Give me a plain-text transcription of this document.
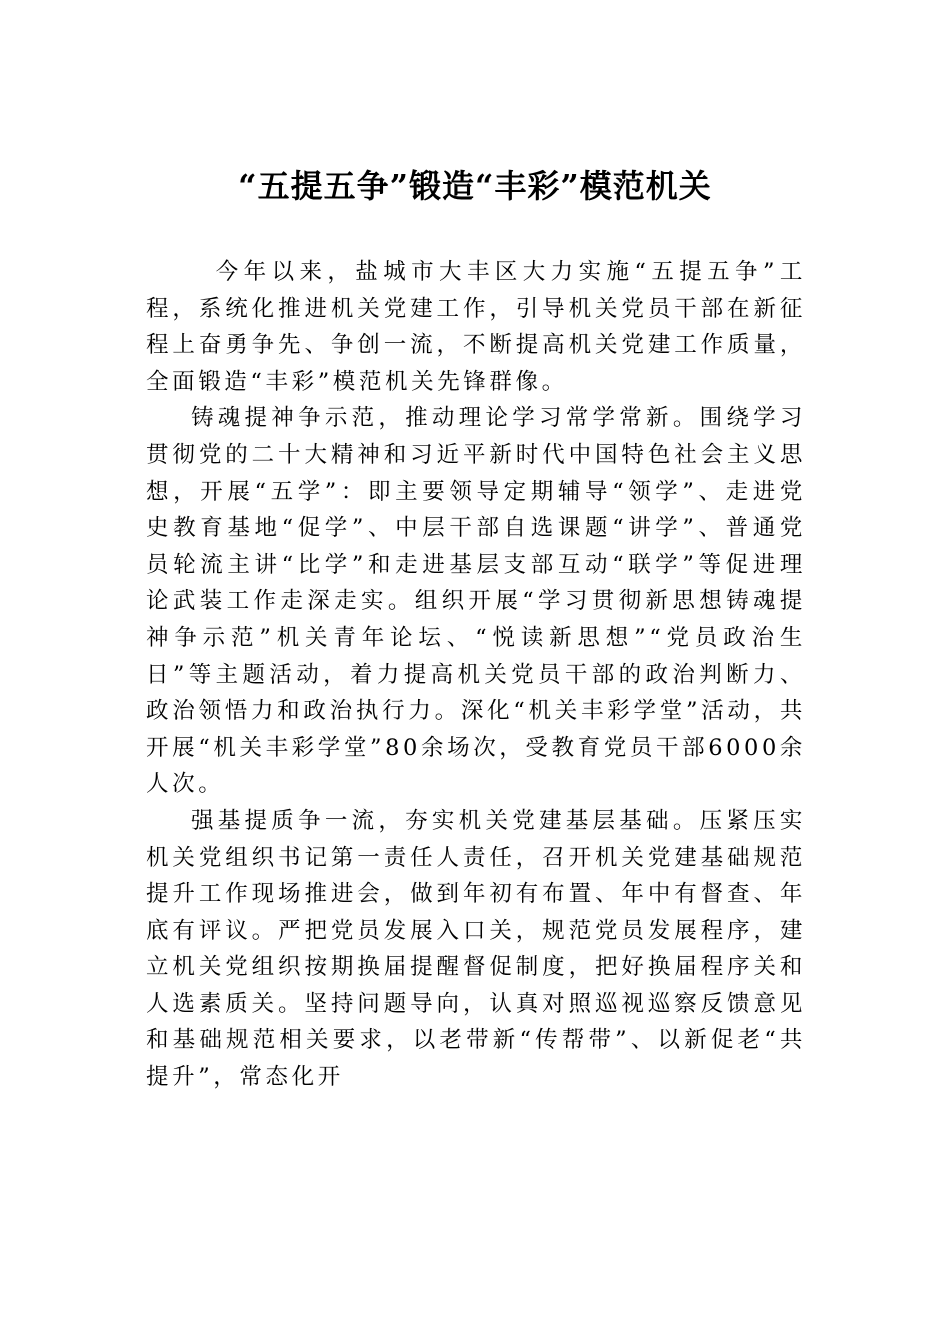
“五提五争”锻造“丰彩”模范机关

今年以来，盐城市大丰区大力实施“五提五争”工程，系统化推进机关党建工作，引导机关党员干部在新征程上奋勇争先、争创一流，不断提高机关党建工作质量，全面锻造“丰彩”模范机关先锋群像。

铸魂提神争示范，推动理论学习常学常新。围绕学习贯彻党的二十大精神和习近平新时代中国特色社会主义思想，开展“五学”：即主要领导定期辅导“领学”、走进党史教育基地“促学”、中层干部自选课题“讲学”、普通党员轮流主讲“比学”和走进基层支部互动“联学”等促进理论武装工作走深走实。组织开展“学习贯彻新思想铸魂提神争示范”机关青年论坛、“悦读新思想”“党员政治生日”等主题活动，着力提高机关党员干部的政治判断力、政治领悟力和政治执行力。深化“机关丰彩学堂”活动，共开展“机关丰彩学堂”80余场次，受教育党员干部6000余人次。

强基提质争一流，夯实机关党建基层基础。压紧压实机关党组织书记第一责任人责任，召开机关党建基础规范提升工作现场推进会，做到年初有布置、年中有督查、年底有评议。严把党员发展入口关，规范党员发展程序，建立机关党组织按期换届提醒督促制度，把好换届程序关和人选素质关。坚持问题导向，认真对照巡视巡察反馈意见和基础规范相关要求，以老带新“传帮带”、以新促老“共提升”，常态化开
